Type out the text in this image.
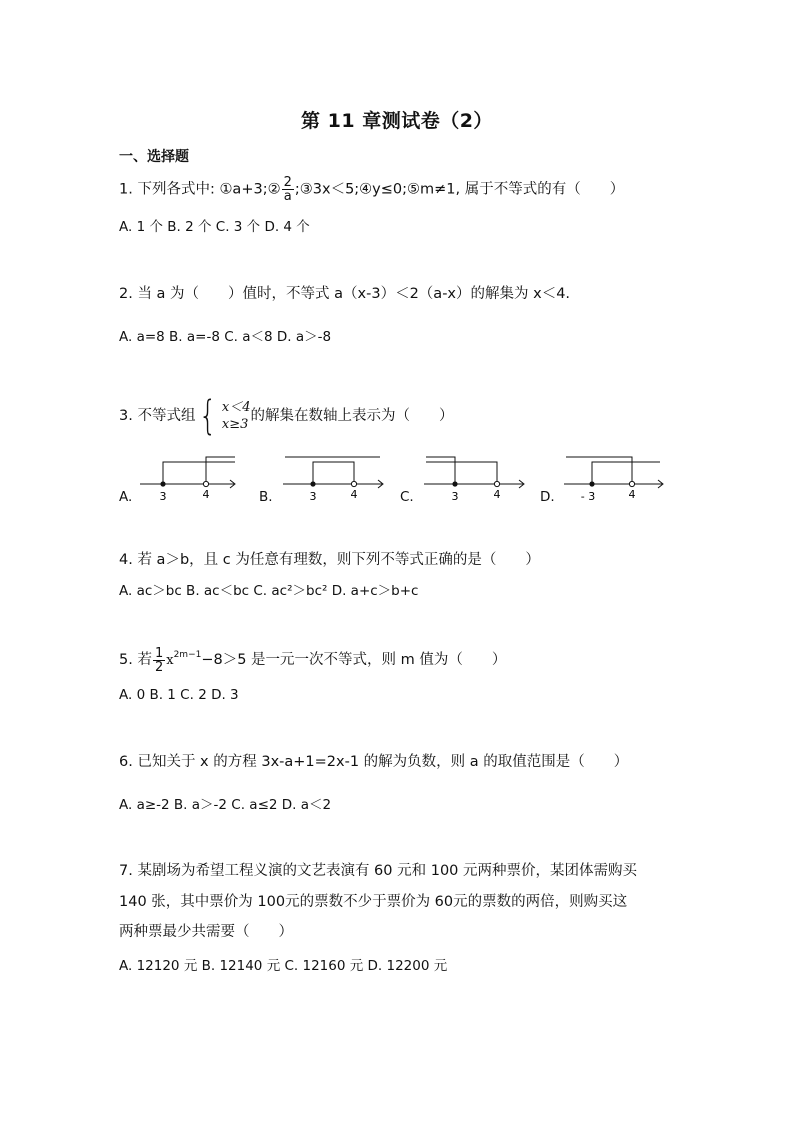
第 11 章测试卷（2）
一、选择题
1. 下列各式中: ①a+3;② $\frac{2}{a}$ ;③3x＜5;④y≤0;⑤m≠1, 属于不等式的有（　　）
A. 1 个 B. 2 个 C. 3 个 D. 4 个
2. 当 a 为（　　）值时，不等式 a（x-3）＜2（a-x）的解集为 x＜4.
A. a=8 B. a=-8 C. a＜8 D. a＞-8
3. 不等式组{ x＜4
x≥3
的解集在数轴上表示为（　　）
A. 3	4	B.	3	4	C.	3	4	D. - 3	4
4. 若 a＞b，且 c 为任意有理数，则下列不等式正确的是（　　）
A. ac＞bc B. ac＜bc C. ac²＞bc² D. a+c＞b+c
5. 若 $\frac{1}{2} x^{2m-1}-8>5$ 是一元一次不等式，则 m 值为（　　）
A. 0 B. 1 C. 2 D. 3
6. 已知关于 x 的方程 3x-a+1=2x-1 的解为负数，则 a 的取值范围是（　　）
A. a≥-2 B. a＞-2 C. a≤2 D. a＜2
7. 某剧场为希望工程义演的文艺表演有 60 元和 100 元两种票价，某团体需购买
140 张，其中票价为 100元的票数不少于票价为 60元的票数的两倍，则购买这
两种票最少共需要（　　）
A. 12120 元 B. 12140 元 C. 12160 元 D. 12200 元
